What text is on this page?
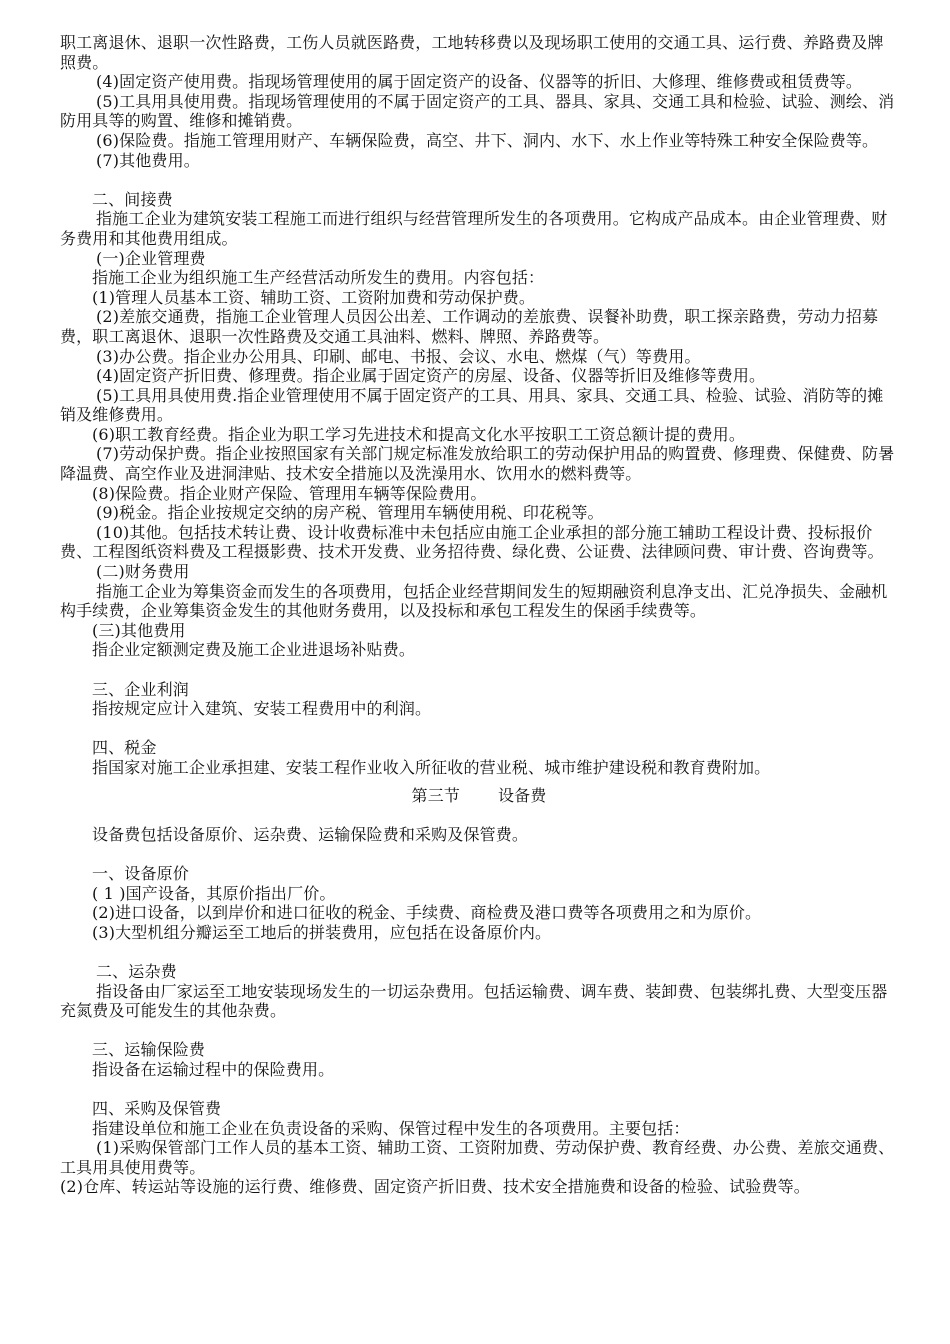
职工离退休、退职一次性路费，工伤人员就医路费，工地转移费以及现场职工使用的交通工具、运行费、养路费及牌照费。

(4)固定资产使用费。指现场管理使用的属于固定资产的设备、仪器等的折旧、大修理、维修费或租赁费等。

(5)工具用具使用费。指现场管理使用的不属于固定资产的工具、器具、家具、交通工具和检验、试验、测绘、消防用具等的购置、维修和摊销费。

(6)保险费。指施工管理用财产、车辆保险费，高空、井下、洞内、水下、水上作业等特殊工种安全保险费等。

(7)其他费用。

二、间接费

指施工企业为建筑安装工程施工而进行组织与经营管理所发生的各项费用。它构成产品成本。由企业管理费、财务费用和其他费用组成。

(一)企业管理费

指施工企业为组织施工生产经营活动所发生的费用。内容包括：

(1)管理人员基本工资、辅助工资、工资附加费和劳动保护费。

(2)差旅交通费，指施工企业管理人员因公出差、工作调动的差旅费、误餐补助费，职工探亲路费，劳动力招募费，职工离退休、退职一次性路费及交通工具油料、燃料、牌照、养路费等。

(3)办公费。指企业办公用具、印刷、邮电、书报、会议、水电、燃煤（气）等费用。

(4)固定资产折旧费、修理费。指企业属于固定资产的房屋、设备、仪器等折旧及维修等费用。

(5)工具用具使用费.指企业管理使用不属于固定资产的工具、用具、家具、交通工具、检验、试验、消防等的摊销及维修费用。

(6)职工教育经费。指企业为职工学习先进技术和提高文化水平按职工工资总额计提的费用。

(7)劳动保护费。指企业按照国家有关部门规定标准发放给职工的劳动保护用品的购置费、修理费、保健费、防暑降温费、高空作业及进洞津贴、技术安全措施以及洗澡用水、饮用水的燃料费等。

(8)保险费。指企业财产保险、管理用车辆等保险费用。

(9)税金。指企业按规定交纳的房产税、管理用车辆使用税、印花税等。

(10)其他。包括技术转让费、设计收费标准中未包括应由施工企业承担的部分施工辅助工程设计费、投标报价费、工程图纸资料费及工程摄影费、技术开发费、业务招待费、绿化费、公证费、法律顾问费、审计费、咨询费等。

(二)财务费用

指施工企业为筹集资金而发生的各项费用，包括企业经营期间发生的短期融资利息净支出、汇兑净损失、金融机构手续费，企业筹集资金发生的其他财务费用，以及投标和承包工程发生的保函手续费等。

(三)其他费用

指企业定额测定费及施工企业进退场补贴费。

三、企业利润

指按规定应计入建筑、安装工程费用中的利润。

四、税金

指国家对施工企业承担建、安装工程作业收入所征收的营业税、城市维护建设税和教育费附加。

第三节 设备费

设备费包括设备原价、运杂费、运输保险费和采购及保管费。

一、设备原价

( 1 )国产设备，其原价指出厂价。

(2)进口设备，以到岸价和进口征收的税金、手续费、商检费及港口费等各项费用之和为原价。

(3)大型机组分瓣运至工地后的拼装费用，应包括在设备原价内。

二、运杂费

指设备由厂家运至工地安装现场发生的一切运杂费用。包括运输费、调车费、装卸费、包装绑扎费、大型变压器充氮费及可能发生的其他杂费。

三、运输保险费

指设备在运输过程中的保险费用。

四、采购及保管费

指建设单位和施工企业在负责设备的采购、保管过程中发生的各项费用。主要包括：

(1)采购保管部门工作人员的基本工资、辅助工资、工资附加费、劳动保护费、教育经费、办公费、差旅交通费、工具用具使用费等。

(2)仓库、转运站等设施的运行费、维修费、固定资产折旧费、技术安全措施费和设备的检验、试验费等。
